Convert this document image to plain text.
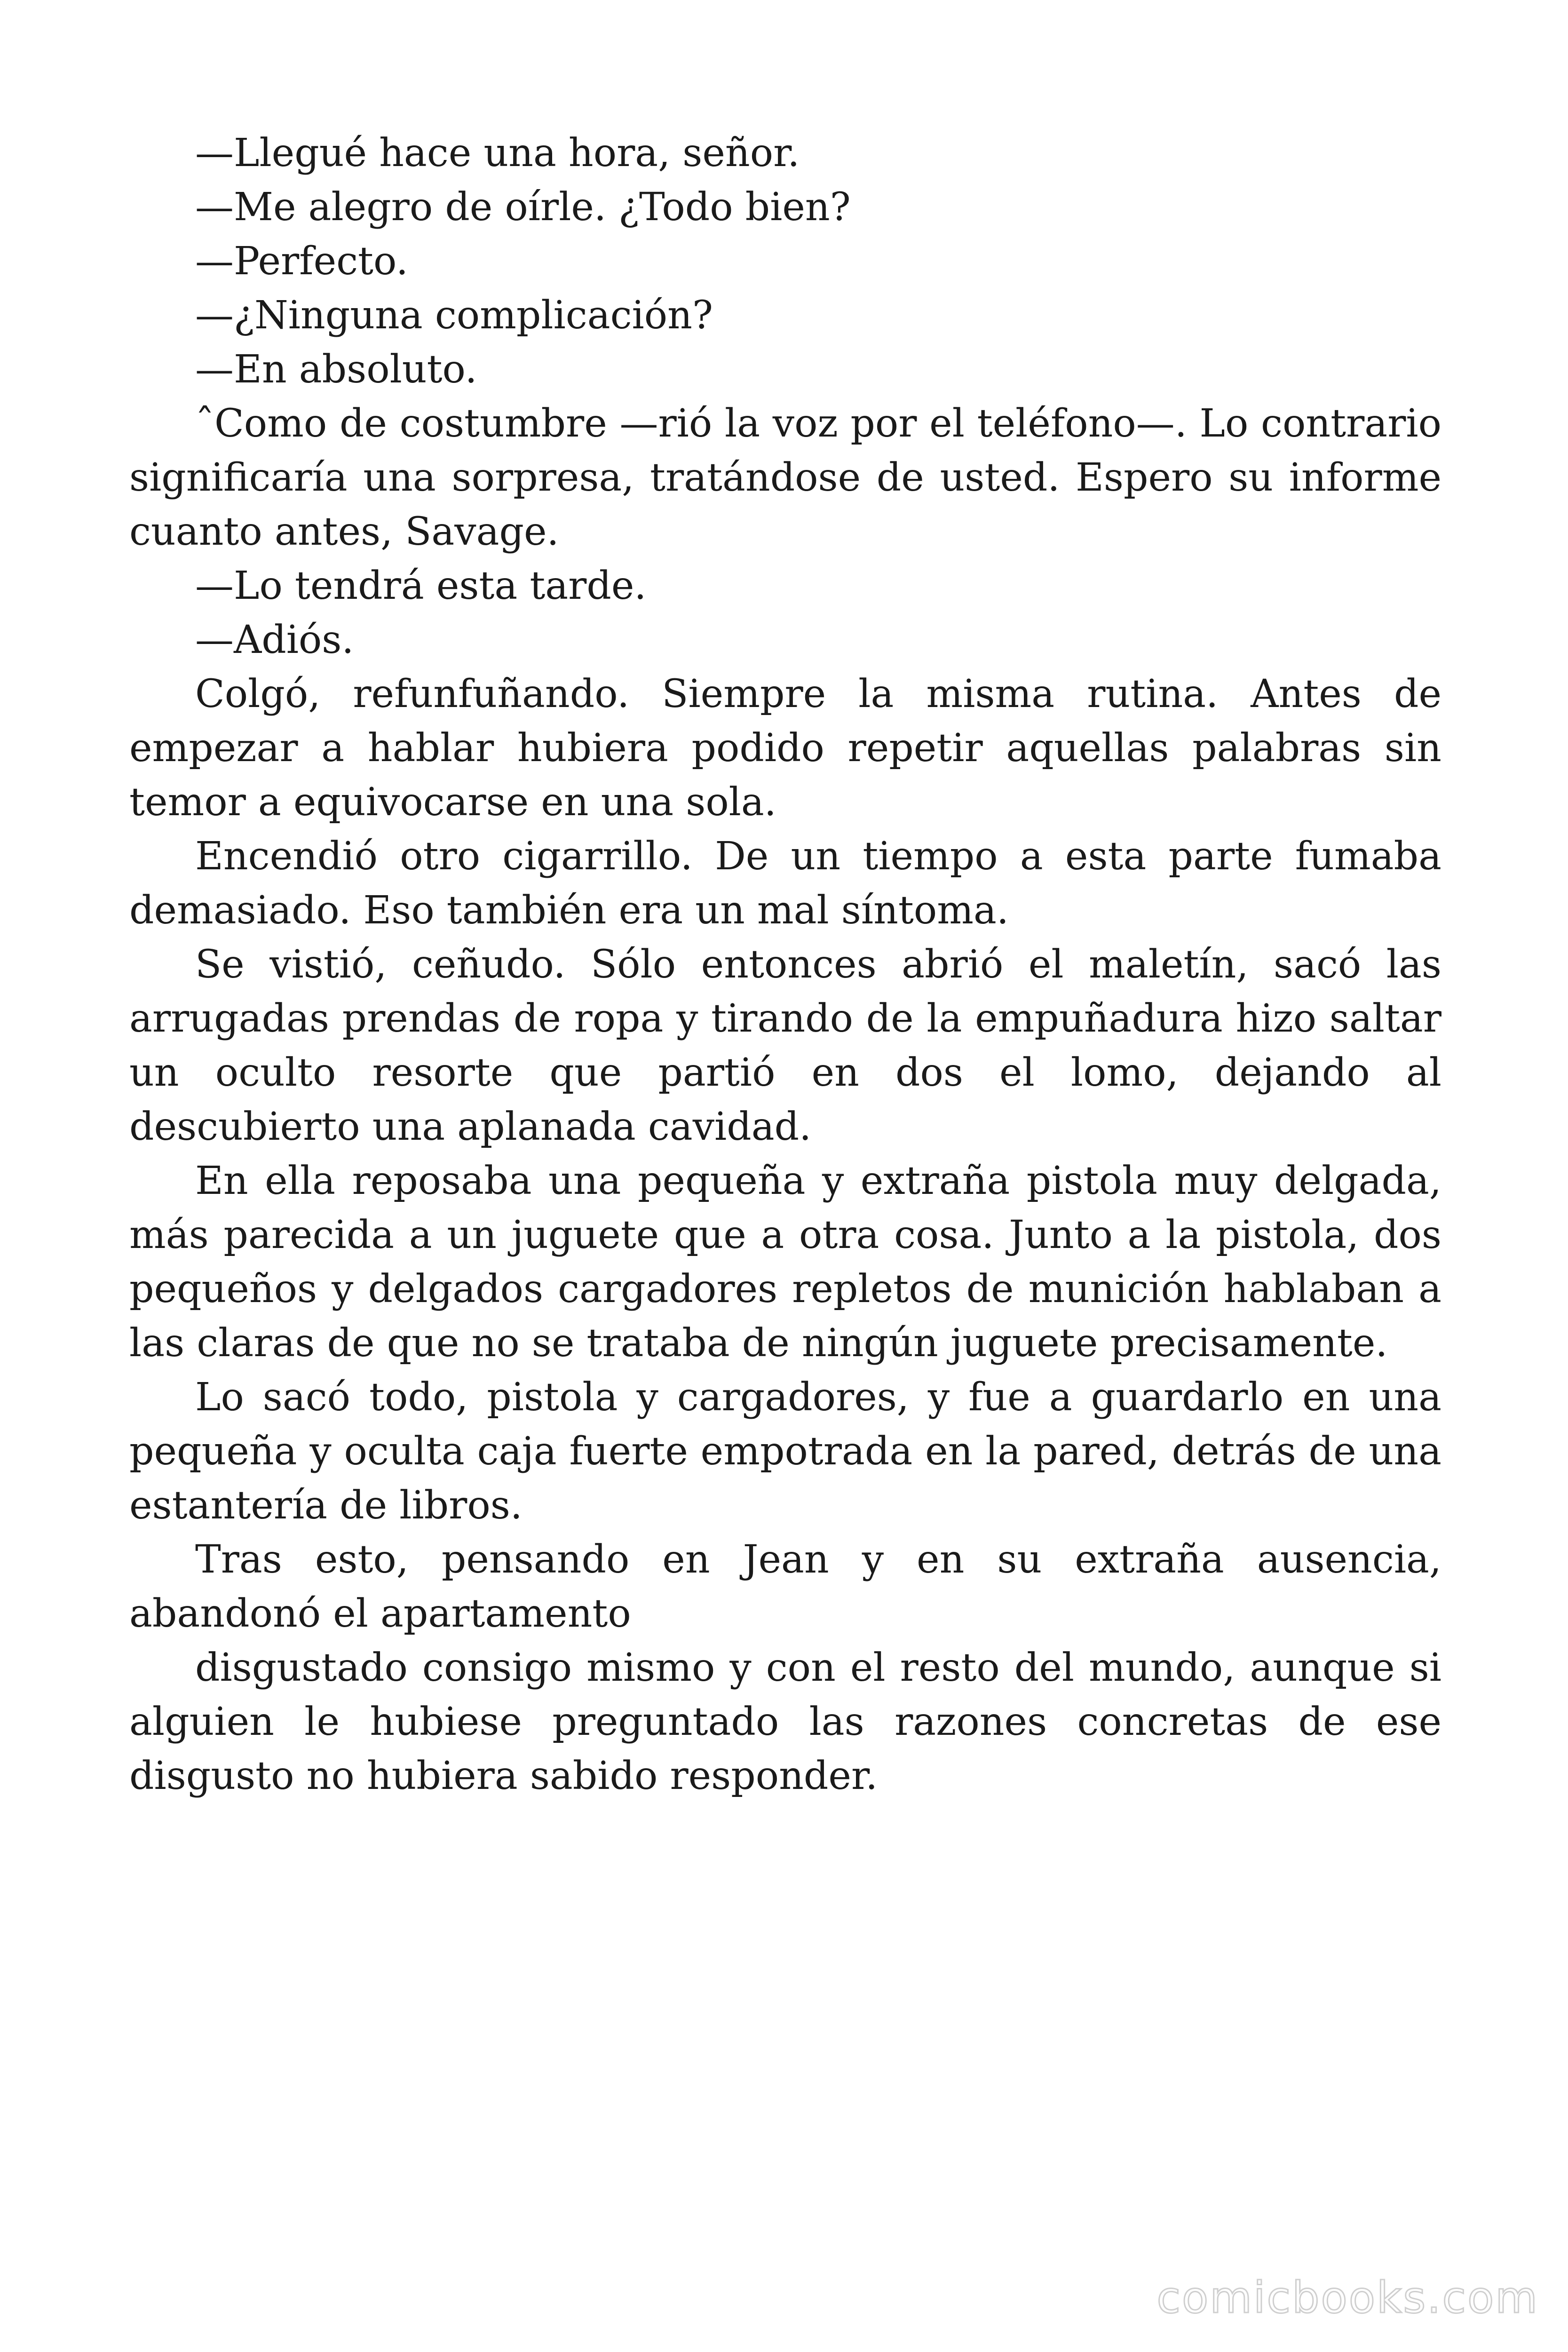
—Llegué hace una hora, señor.

—Me alegro de oírle. ¿Todo bien?

—Perfecto.

—¿Ninguna complicación?

—En absoluto.

ˆComo de costumbre —rió la voz por el teléfono—. Lo contrario significaría una sorpresa, tratándose de usted. Espero su informe cuanto antes, Savage.

—Lo tendrá esta tarde.

—Adiós.

Colgó, refunfuñando. Siempre la misma rutina. Antes de empezar a hablar hubiera podido repetir aquellas palabras sin temor a equivocarse en una sola.

Encendió otro cigarrillo. De un tiempo a esta parte fumaba demasiado. Eso también era un mal síntoma.

Se vistió, ceñudo. Sólo entonces abrió el maletín, sacó las arrugadas prendas de ropa y tirando de la empuñadura hizo saltar un oculto resorte que partió en dos el lomo, dejando al descubierto una aplanada cavidad.

En ella reposaba una pequeña y extraña pistola muy delgada, más parecida a un juguete que a otra cosa. Junto a la pistola, dos pequeños y delgados cargadores repletos de munición hablaban a las claras de que no se trataba de ningún juguete precisamente.

Lo sacó todo, pistola y cargadores, y fue a guardarlo en una pequeña y oculta caja fuerte empotrada en la pared, detrás de una estantería de libros.

Tras esto, pensando en Jean y en su extraña ausencia, abandonó el apartamento

disgustado consigo mismo y con el resto del mundo, aunque si alguien le hubiese preguntado las razones concretas de ese disgusto no hubiera sabido responder.

comicbooks.com
